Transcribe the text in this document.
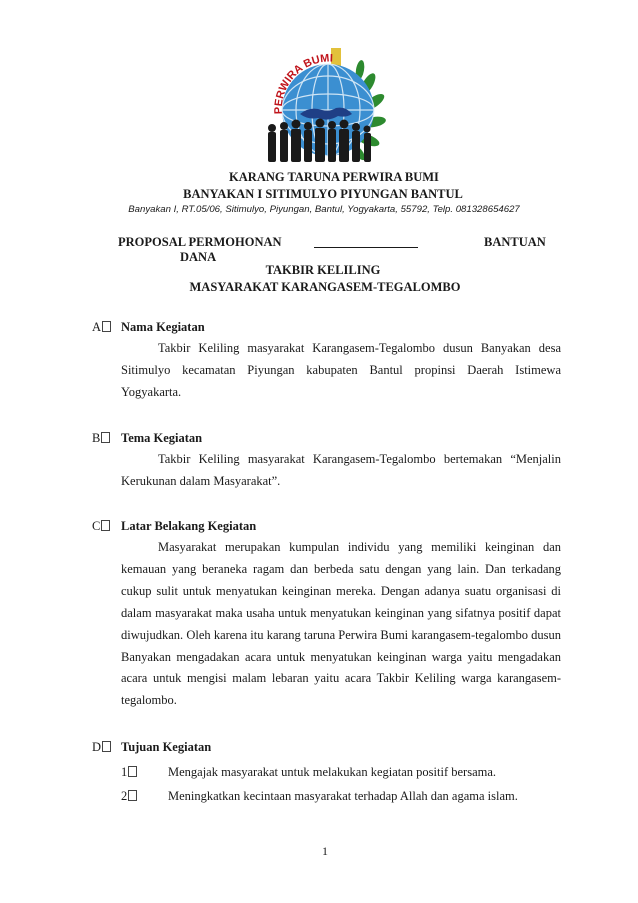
PERWIRA BUMI
KARANG TARUNA PERWIRA BUMI
BANYAKAN I SITIMULYO PIYUNGAN BANTUL
Banyakan I, RT.05/06, Sitimulyo, Piyungan, Bantul, Yogyakarta, 55792, Telp. 081328654627
PROPOSAL PERMOHONAN	BANTUAN
DANA
TAKBIR KELILING
MASYARAKAT KARANGASEM-TEGALOMBO
A	Nama Kegiatan
Takbir Keliling masyarakat Karangasem-Tegalombo dusun Banyakan desa Sitimulyo kecamatan Piyungan kabupaten Bantul propinsi Daerah Istimewa Yogyakarta.
B	Tema Kegiatan
Takbir Keliling masyarakat Karangasem-Tegalombo bertemakan “Menjalin Kerukunan dalam Masyarakat”.
C	Latar Belakang Kegiatan
Masyarakat merupakan kumpulan individu yang memiliki keinginan dan kemauan yang beraneka ragam dan berbeda satu dengan yang lain. Dan terkadang cukup sulit untuk menyatukan keinginan mereka. Dengan adanya suatu organisasi di dalam masyarakat maka usaha untuk menyatukan keinginan yang sifatnya positif dapat diwujudkan. Oleh karena itu karang taruna Perwira Bumi karangasem-tegalombo dusun Banyakan mengadakan acara untuk menyatukan keinginan warga yaitu mengadakan acara untuk mengisi malam lebaran yaitu acara Takbir Keliling warga karangasem-tegalombo.
D	Tujuan Kegiatan
1	Mengajak masyarakat untuk melakukan kegiatan positif bersama.
2	Meningkatkan kecintaan masyarakat terhadap Allah dan agama islam.
1
